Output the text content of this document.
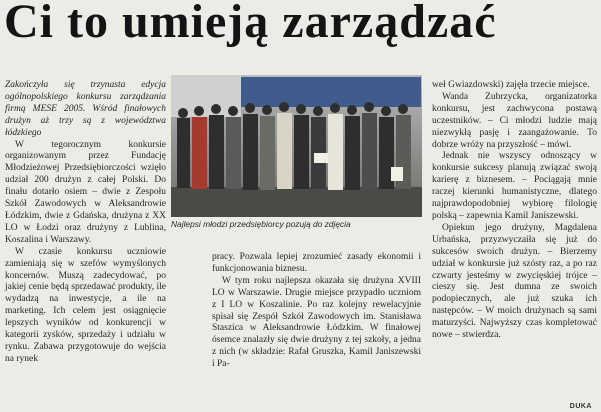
Ci to umieją zarządzać

Zakończyła się trzynasta edycja ogólnopolskiego konkursu zarządzania firmą MESE 2005. Wśród finałowych drużyn aż trzy są z województwa łódzkiego

W tegorocznym konkursie organizowanym przez Fundację Młodzieżowej Przedsiębiorczości wzięło udział 200 drużyn z całej Polski. Do finału dotarło osiem – dwie z Zespołu Szkół Zawodowych w Aleksandrowie Łódzkim, dwie z Gdańska, drużyna z XX LO w Łodzi oraz drużyny z Lublina, Koszalina i Warszawy.

W czasie konkursu uczniowie zamieniają się w szefów wymyślonych koncernów. Muszą zadecydować, po jakiej cenie będą sprzedawać produkty, ile wydadzą na inwestycje, a ile na marketing. Ich celem jest osiągnięcie lepszych wyników od konkurencji w kategorii zysków, sprzedaży i udziału w rynku. Zabawa przygotowuje do wejścia na rynek

Najlepsi młodzi przedsiębiorcy pozują do zdjęcia

pracy. Pozwala lepiej zrozumieć zasady ekonomii i funkcjonowania biznesu.

W tym roku najlepsza okazała się drużyna XVIII LO w Warszawie. Drugie miejsce przypadło uczniom z I LO w Koszalinie. Po raz kolejny rewelacyjnie spisał się Zespół Szkół Zawodowych im. Stanisława Staszica w Aleksandrowie Łódzkim. W finałowej ósemce znalazły się dwie drużyny z tej szkoły, a jedna z nich (w składzie: Rafał Gruszka, Kamil Janiszewski i Pa-

weł Gwiazdowski) zajęła trzecie miejsce.

Wanda Zubrzycka, organizatorka konkursu, jest zachwycona postawą uczestników. – Ci młodzi ludzie mają niezwykłą pasję i zaangażowanie. To dobrze wróży na przyszłość – mówi.

Jednak nie wszyscy odnoszący w konkursie sukcesy planują związać swoją karierę z biznesem. – Pociągają mnie raczej kierunki humanistyczne, dlatego najprawdopodobniej wybiorę filologię polską – zapewnia Kamil Janiszewski.

Opiekun jego drużyny, Magdalena Urbańska, przyzwyczaiła się już do sukcesów swoich drużyn. – Bierzemy udział w konkursie już szósty raz, a po raz czwarty jesteśmy w zwycięskiej trójce – cieszy się. Jest dumna ze swoich podopiecznych, ale już szuka ich następców. – W moich drużynach są sami maturzyści. Najwyższy czas kompletować nowe – stwierdza.

DUKA
